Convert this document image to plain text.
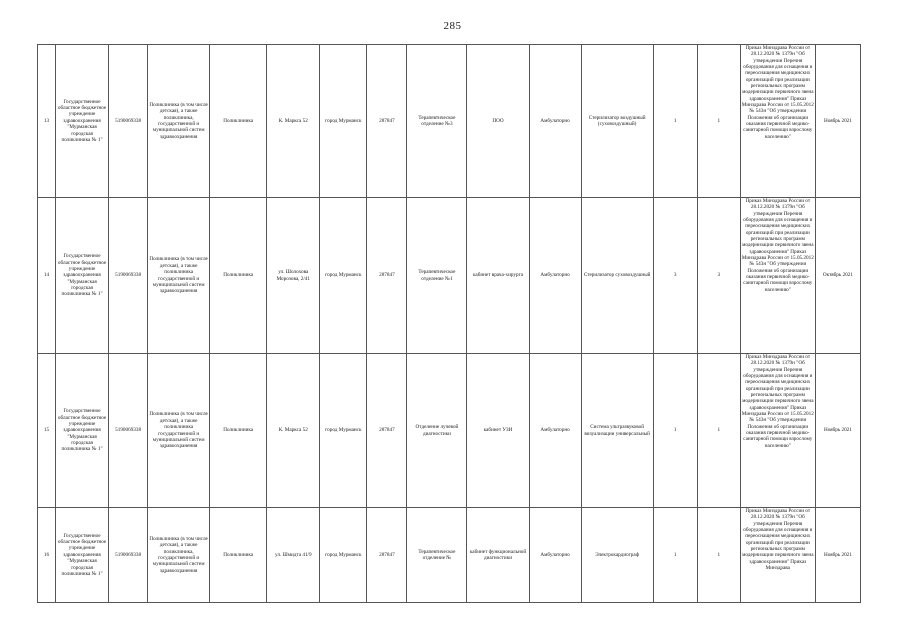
285
13	Государственное областное бюджетное учреждение здравоохранения "Мурманская городская поликлиника № 1"	5190069338	Поликлиника (в том числе детская), а также поликлиника, государственной и муниципальной систем здравоохранения	Поликлиника	К. Маркса 52	город Мурманск	287847	Терапевтическое отделение №3	ПОО	Амбулаторно	Стерилизатор воздушный (суховоздушный)	1	1	Приказ Минздрава России от 28.12.2020 № 1379н "Об утверждении Перечня оборудования для оснащения и переоснащения медицинских организаций при реализации региональных программ модернизации первичного звена здравоохранения" Приказ Минздрава России от 15.05.2012 № 543н "Об утверждении Положения об организации оказания первичной медико-санитарной помощи взрослому населению"	Ноябрь 2021
14	Государственное областное бюджетное учреждение здравоохранения "Мурманская городская поликлиника № 1"	5190069338	Поликлиника (в том числе детская), а также поликлиника государственной и муниципальной систем здравоохранения	Поликлиника	ул. Шолохова Морозова, 2/41	город Мурманск	287847	Терапевтическое отделение №1	кабинет врача-хирурга	Амбулаторно	Стерилизатор суховоздушный	3	3	Приказ Минздрава России от 28.12.2020 № 1379н "Об утверждении Перечня оборудования для оснащения и переоснащения медицинских организаций при реализации региональных программ модернизации первичного звена здравоохранения" Приказ Минздрава России от 15.05.2012 № 543н "Об утверждении Положения об организации оказания первичной медико-санитарной помощи взрослому населению"	Октябрь 2021
15	Государственное областное бюджетное учреждение здравоохранения "Мурманская городская поликлиника № 1"	5190069338	Поликлиника (в том числе детская), а также поликлиника государственной и муниципальной систем здравоохранения	Поликлиника	К. Маркса 52	город Мурманск	287847	Отделение лучевой диагностики	кабинет УЗИ	Амбулаторно	Система ультразвуковой визуализации универсальный	1	1	Приказ Минздрава России от 28.12.2020 № 1379н "Об утверждении Перечня оборудования для оснащения и переоснащения медицинских организаций при реализации региональных программ модернизации первичного звена здравоохранения" Приказ Минздрава России от 15.05.2012 № 543н "Об утверждении Положения об организации оказания первичной медико-санитарной помощи взрослому населению"	Ноябрь 2021
16	Государственное областное бюджетное учреждение здравоохранения "Мурманская городская поликлиника № 1"	5190069338	Поликлиника (в том числе детская), а также поликлиника, государственной и муниципальной систем здравоохранения	Поликлиника	ул. Шмидта 41/9	город Мурманск	287847	Терапевтическое отделение №	кабинет функциональной диагностики	Амбулаторно	Электрокардиограф	1	1	Приказ Минздрава России от 28.12.2020 № 1379н "Об утверждении Перечня оборудования для оснащения и переоснащения медицинских организаций при реализации региональных программ модернизации первичного звена здравоохранения" Приказ Минздрава	Ноябрь 2021
